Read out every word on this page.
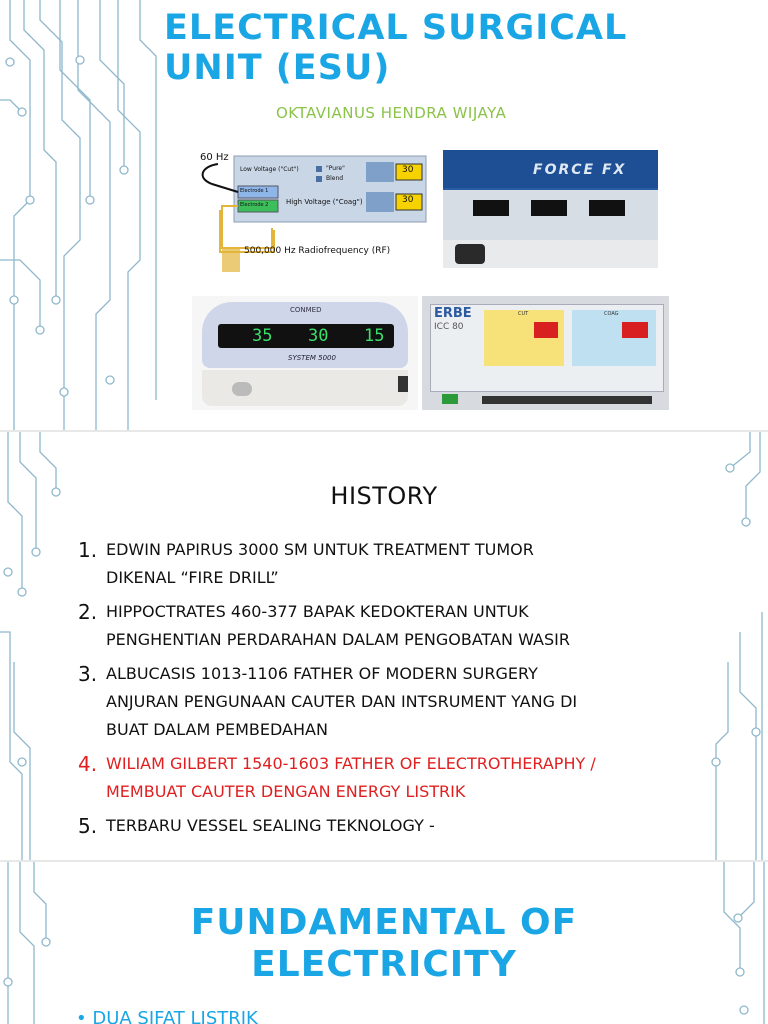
ELECTRICAL SURGICAL
UNIT (ESU)
OKTAVIANUS HENDRA WIJAYA
60 Hz
Low Voltage ("Cut")	"Pure"
Blend
Electrode 1
Electrode 2	High Voltage ("Coag")
30
30
500,000 Hz Radiofrequency (RF)
FORCE FX
CONMED
35 30 15
SYSTEM 5000
ERBE
ICC 80
CUT	COAG
HISTORY
1. EDWIN PAPIRUS 3000 SM UNTUK TREATMENT TUMOR
DIKENAL “FIRE DRILL”
2. HIPPOCTRATES 460-377 BAPAK KEDOKTERAN UNTUK
PENGHENTIAN PERDARAHAN DALAM PENGOBATAN WASIR
3. ALBUCASIS 1013-1106 FATHER OF MODERN SURGERY
ANJURAN PENGUNAAN CAUTER DAN INTSRUMENT YANG DI
BUAT DALAM PEMBEDAHAN
4. WILIAM GILBERT 1540-1603 FATHER OF ELECTROTHERAPHY /
MEMBUAT CAUTER DENGAN ENERGY LISTRIK
5. TERBARU VESSEL SEALING TEKNOLOGY -
FUNDAMENTAL OF
ELECTRICITY
• DUA SIFAT LISTRIK
